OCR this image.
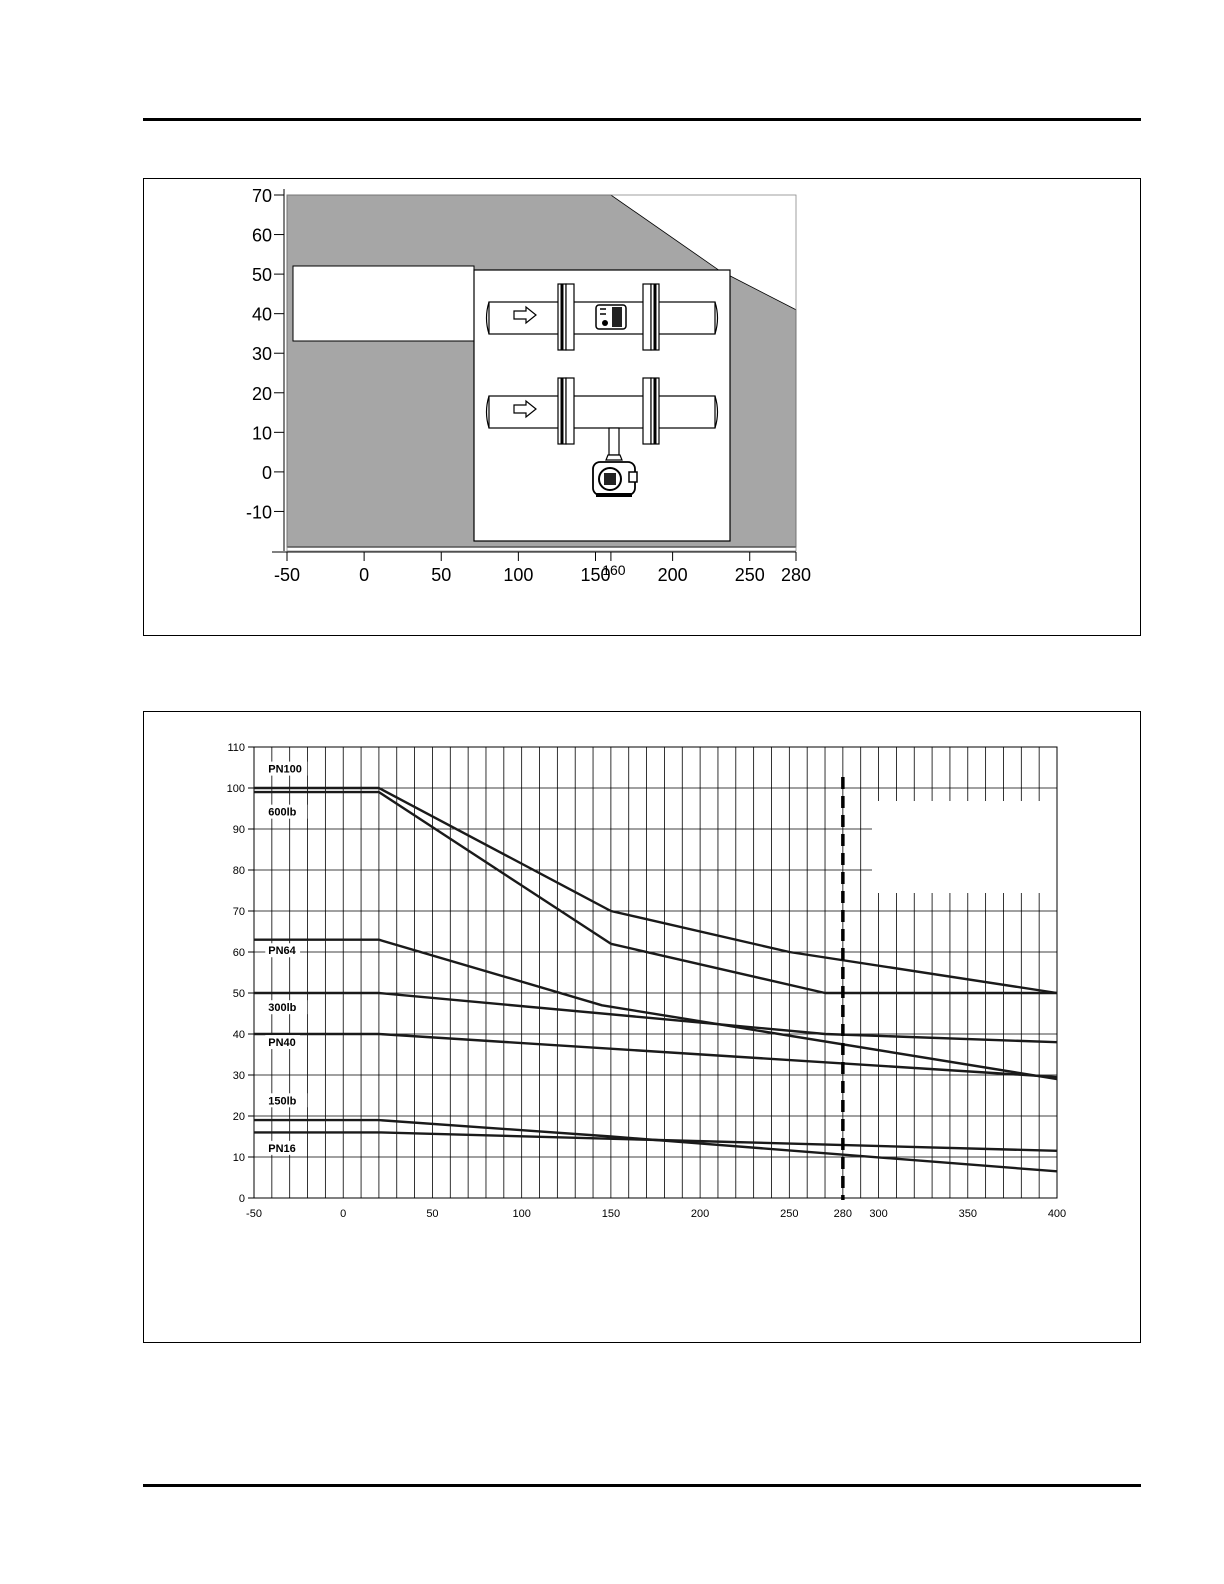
70
60
50
40
30
20
10
0
-10
-50	0	50	100	150
160 200	250 280
110
100
90
80
70
60
50
40
30
20
10
0
-50	0	50	100	150	200	250	280 300	350	400
PN100
600lb
PN64
300lb
PN40
150lb
PN16
